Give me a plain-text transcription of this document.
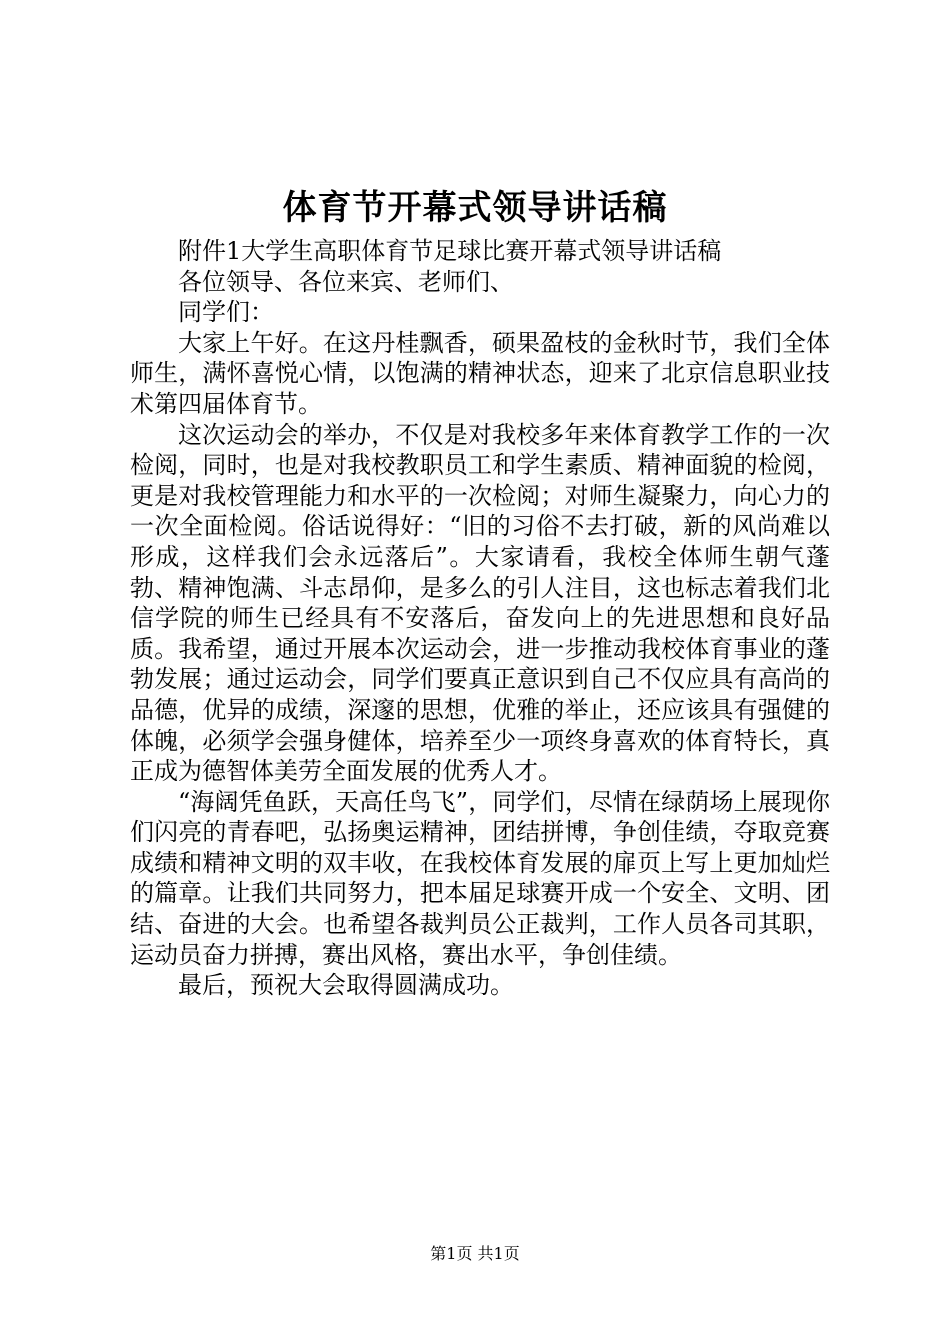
体育节开幕式领导讲话稿

附件1大学生高职体育节足球比赛开幕式领导讲话稿

各位领导、各位来宾、老师们、

同学们：

大家上午好。在这丹桂飘香，硕果盈枝的金秋时节，我们全体师生，满怀喜悦心情，以饱满的精神状态，迎来了北京信息职业技术第四届体育节。

这次运动会的举办，不仅是对我校多年来体育教学工作的一次检阅，同时，也是对我校教职员工和学生素质、精神面貌的检阅，更是对我校管理能力和水平的一次检阅；对师生凝聚力，向心力的一次全面检阅。俗话说得好：“旧的习俗不去打破，新的风尚难以形成，这样我们会永远落后”。大家请看，我校全体师生朝气蓬勃、精神饱满、斗志昂仰，是多么的引人注目，这也标志着我们北信学院的师生已经具有不安落后，奋发向上的先进思想和良好品质。我希望，通过开展本次运动会，进一步推动我校体育事业的蓬勃发展；通过运动会，同学们要真正意识到自己不仅应具有高尚的品德，优异的成绩，深邃的思想，优雅的举止，还应该具有强健的体魄，必须学会强身健体，培养至少一项终身喜欢的体育特长，真正成为德智体美劳全面发展的优秀人才。

“海阔凭鱼跃，天高任鸟飞”，同学们，尽情在绿荫场上展现你们闪亮的青春吧，弘扬奥运精神，团结拼博，争创佳绩，夺取竞赛成绩和精神文明的双丰收，在我校体育发展的扉页上写上更加灿烂的篇章。让我们共同努力，把本届足球赛开成一个安全、文明、团结、奋进的大会。也希望各裁判员公正裁判，工作人员各司其职，运动员奋力拼搏，赛出风格，赛出水平，争创佳绩。

最后，预祝大会取得圆满成功。

第1页 共1页
